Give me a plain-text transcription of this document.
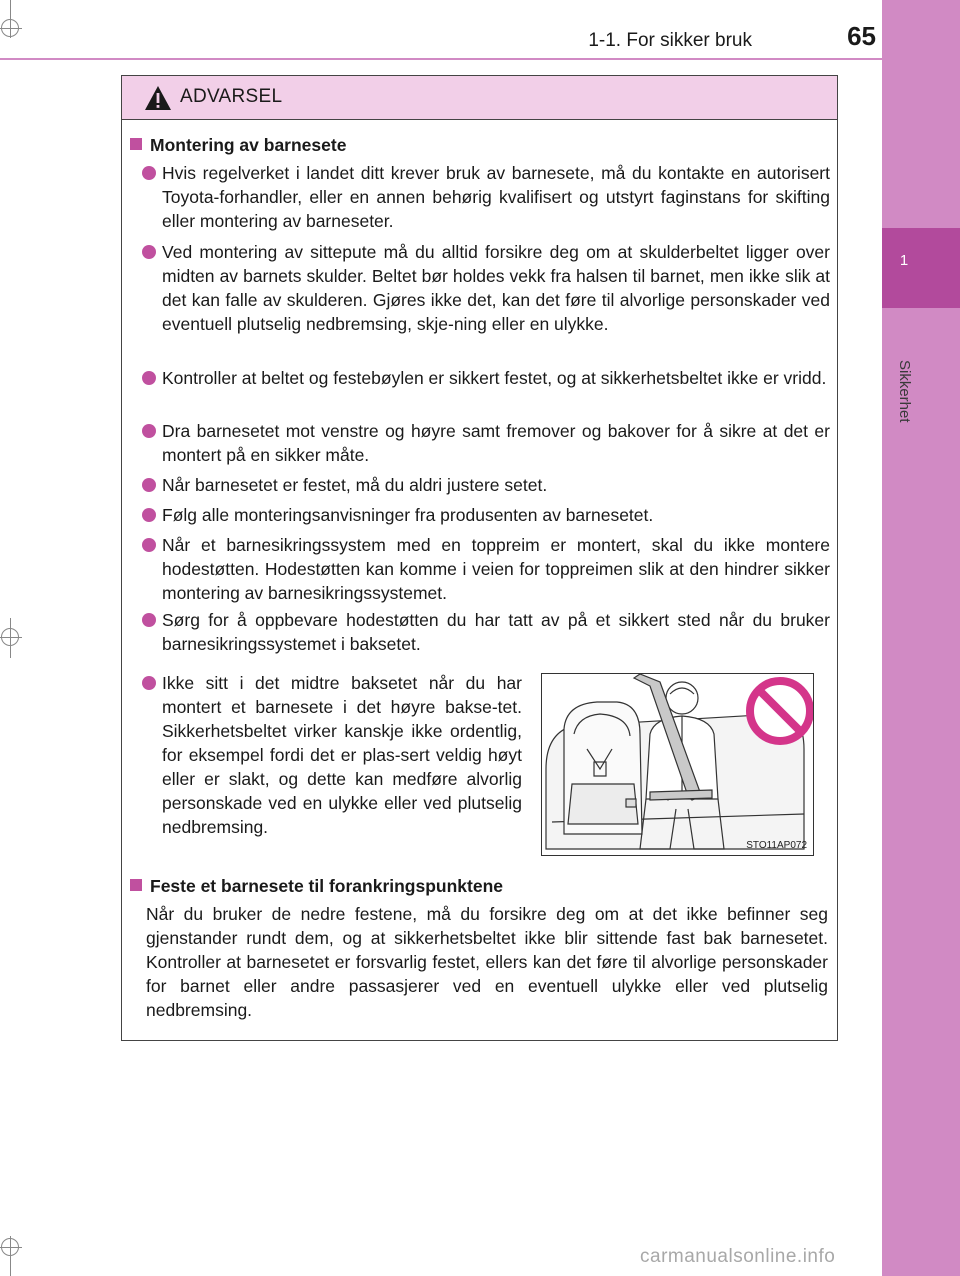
1-1. For sikker bruk	65
1
Sikkerhet
ADVARSEL
Montering av barnesete
Hvis regelverket i landet ditt krever bruk av barnesete, må du kontakte en autorisert Toyota-forhandler, eller en annen behørig kvalifisert og utstyrt faginstans for skifting eller montering av barneseter.
Ved montering av sittepute må du alltid forsikre deg om at skulderbeltet ligger over midten av barnets skulder. Beltet bør holdes vekk fra halsen til barnet, men ikke slik at det kan falle av skulderen. Gjøres ikke det, kan det føre til alvorlige personskader ved eventuell plutselig nedbremsing, skje-ning eller en ulykke.
Kontroller at beltet og festebøylen er sikkert festet, og at sikkerhetsbeltet ikke er vridd.
Dra barnesetet mot venstre og høyre samt fremover og bakover for å sikre at det er montert på en sikker måte.
Når barnesetet er festet, må du aldri justere setet.
Følg alle monteringsanvisninger fra produsenten av barnesetet.
Når et barnesikringssystem med en toppreim er montert, skal du ikke montere hodestøtten. Hodestøtten kan komme i veien for toppreimen slik at den hindrer sikker montering av barnesikringssystemet.
Sørg for å oppbevare hodestøtten du har tatt av på et sikkert sted når du bruker barnesikringssystemet i baksetet.
Ikke sitt i det midtre baksetet når du har montert et barnesete i det høyre bakse-tet. Sikkerhetsbeltet virker kanskje ikke ordentlig, for eksempel fordi det er plas-sert veldig høyt eller er slakt, og dette kan medføre alvorlig personskade ved en ulykke eller ved plutselig nedbremsing.
STO11AP072
Feste et barnesete til forankringspunktene
Når du bruker de nedre festene, må du forsikre deg om at det ikke befinner seg gjenstander rundt dem, og at sikkerhetsbeltet ikke blir sittende fast bak barnesetet. Kontroller at barnesetet er forsvarlig festet, ellers kan det føre til alvorlige personskader for barnet eller andre passasjerer ved en eventuell ulykke eller ved plutselig nedbremsing.
carmanualsonline.info
